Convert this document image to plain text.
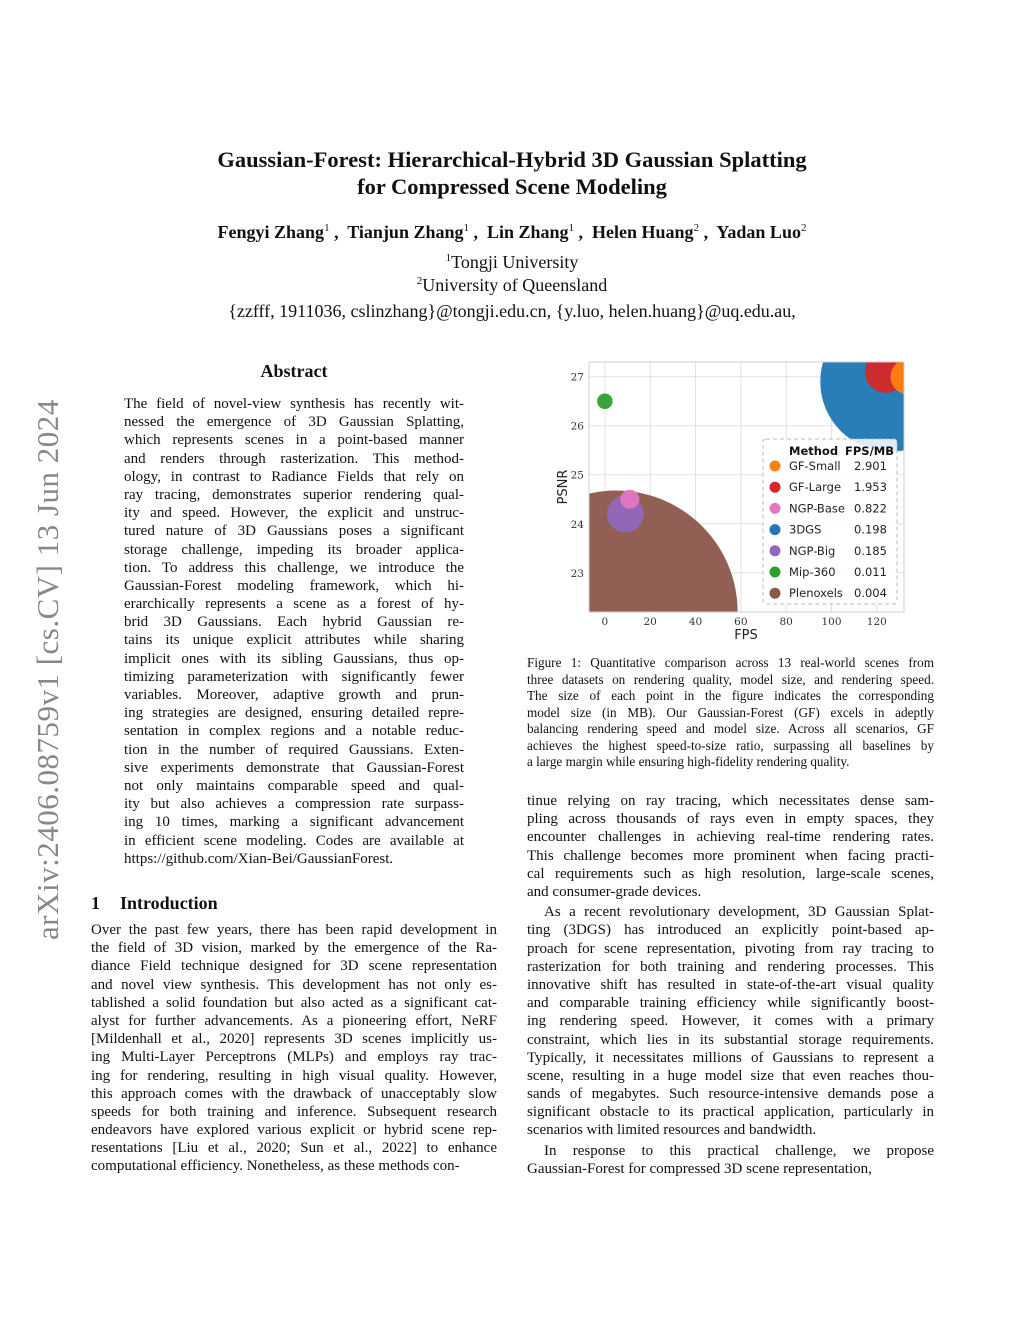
arXiv:2406.08759v1 [cs.CV] 13 Jun 2024
Gaussian-Forest: Hierarchical-Hybrid 3D Gaussian Splatting
for Compressed Scene Modeling
Fengyi Zhang$^1$ ,  Tianjun Zhang$^1$ ,  Lin Zhang$^1$ ,  Helen Huang$^2$ ,  Yadan Luo$^2$
$^1$Tongji University
$^2$University of Queensland
{zzfff, 1911036, cslinzhang}@tongji.edu.cn, {y.luo, helen.huang}@uq.edu.au,
Abstract
The field of novel-view synthesis has recently wit-
nessed the emergence of 3D Gaussian Splatting,
which represents scenes in a point-based manner
and renders through rasterization. This method-
ology, in contrast to Radiance Fields that rely on
ray tracing, demonstrates superior rendering qual-
ity and speed. However, the explicit and unstruc-
tured nature of 3D Gaussians poses a significant
storage challenge, impeding its broader applica-
tion. To address this challenge, we introduce the
Gaussian-Forest modeling framework, which hi-
erarchically represents a scene as a forest of hy-
brid 3D Gaussians. Each hybrid Gaussian re-
tains its unique explicit attributes while sharing
implicit ones with its sibling Gaussians, thus op-
timizing parameterization with significantly fewer
variables. Moreover, adaptive growth and prun-
ing strategies are designed, ensuring detailed repre-
sentation in complex regions and a notable reduc-
tion in the number of required Gaussians. Exten-
sive experiments demonstrate that Gaussian-Forest
not only maintains comparable speed and qual-
ity but also achieves a compression rate surpass-
ing 10 times, marking a significant advancement
in efficient scene modeling. Codes are available at
https://github.com/Xian-Bei/GaussianForest.
1 Introduction
Over the past few years, there has been rapid development in
the field of 3D vision, marked by the emergence of the Ra-
diance Field technique designed for 3D scene representation
and novel view synthesis. This development has not only es-
tablished a solid foundation but also acted as a significant cat-
alyst for further advancements. As a pioneering effort, NeRF
[Mildenhall et al., 2020] represents 3D scenes implicitly us-
ing Multi-Layer Perceptrons (MLPs) and employs ray trac-
ing for rendering, resulting in high visual quality. However,
this approach comes with the drawback of unacceptably slow
speeds for both training and inference. Subsequent research
endeavors have explored various explicit or hybrid scene rep-
resentations [Liu et al., 2020; Sun et al., 2022] to enhance
computational efficiency. Nonetheless, as these methods con-
0	20	40	60	80	100 120
23
24
25
26
27
FPS
PSNR
Method FPS/MB
GF-Small 2.901
GF-Large 1.953
NGP-Base 0.822
3DGS	0.198
NGP-Big 0.185
Mip-360 0.011
Plenoxels 0.004
Figure 1: Quantitative comparison across 13 real-world scenes from
three datasets on rendering quality, model size, and rendering speed.
The size of each point in the figure indicates the corresponding
model size (in MB). Our Gaussian-Forest (GF) excels in adeptly
balancing rendering speed and model size. Across all scenarios, GF
achieves the highest speed-to-size ratio, surpassing all baselines by
a large margin while ensuring high-fidelity rendering quality.
tinue relying on ray tracing, which necessitates dense sam-
pling across thousands of rays even in empty spaces, they
encounter challenges in achieving real-time rendering rates.
This challenge becomes more prominent when facing practi-
cal requirements such as high resolution, large-scale scenes,
and consumer-grade devices.
As a recent revolutionary development, 3D Gaussian Splat-
ting (3DGS) has introduced an explicitly point-based ap-
proach for scene representation, pivoting from ray tracing to
rasterization for both training and rendering processes. This
innovative shift has resulted in state-of-the-art visual quality
and comparable training efficiency while significantly boost-
ing rendering speed. However, it comes with a primary
constraint, which lies in its substantial storage requirements.
Typically, it necessitates millions of Gaussians to represent a
scene, resulting in a huge model size that even reaches thou-
sands of megabytes. Such resource-intensive demands pose a
significant obstacle to its practical application, particularly in
scenarios with limited resources and bandwidth.
In response to this practical challenge, we propose
Gaussian-Forest for compressed 3D scene representation,
